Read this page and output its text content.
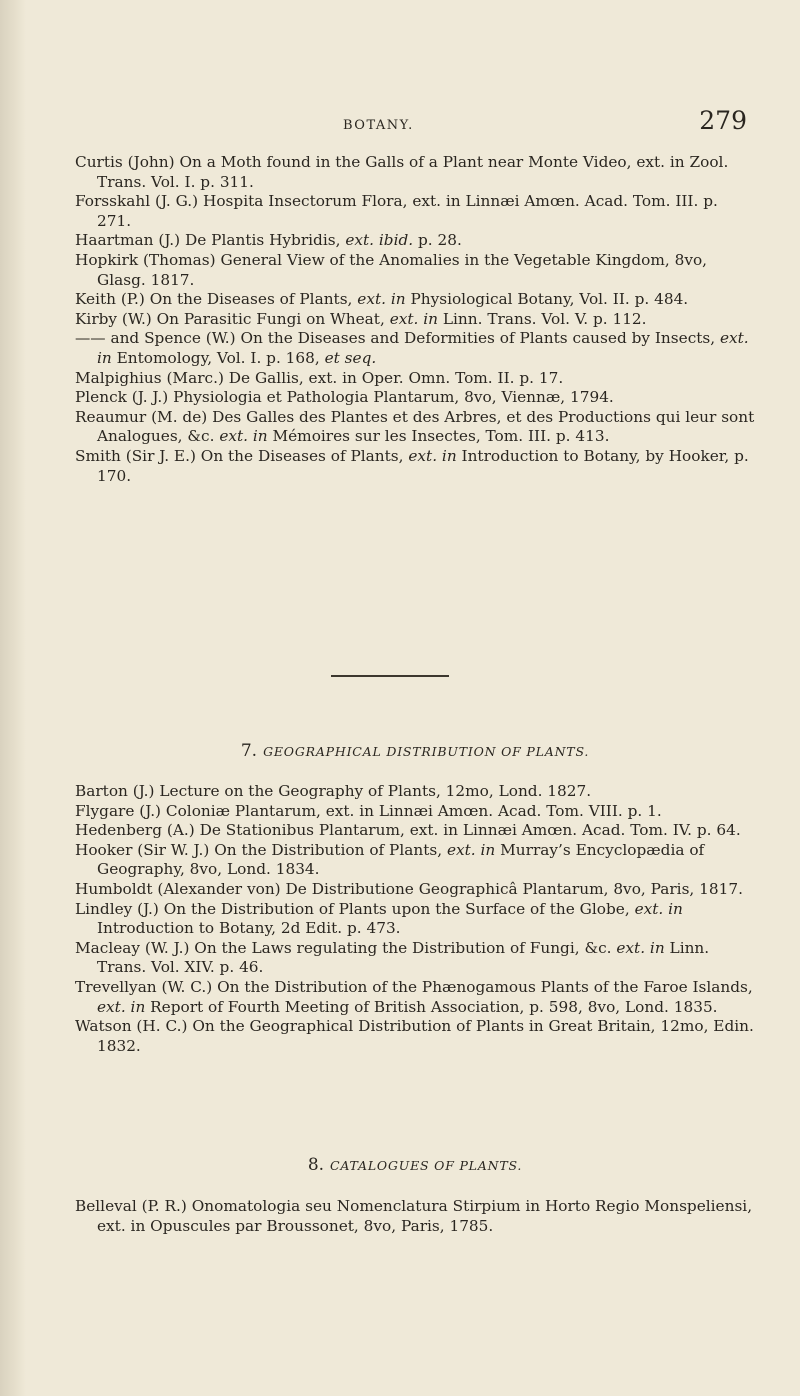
BOTANY.	279

Curtis (John) On a Moth found in the Galls of a Plant near Monte Video, ext. in Zool. Trans. Vol. I. p. 311.

Forsskahl (J. G.) Hospita Insectorum Flora, ext. in Linnæi Amœn. Acad. Tom. III. p. 271.

Haartman (J.) De Plantis Hybridis, ext. ibid. p. 28.

Hopkirk (Thomas) General View of the Anomalies in the Vegetable Kingdom, 8vo, Glasg. 1817.

Keith (P.) On the Diseases of Plants, ext. in Physiological Botany, Vol. II. p. 484.

Kirby (W.) On Parasitic Fungi on Wheat, ext. in Linn. Trans. Vol. V. p. 112.

—— and Spence (W.) On the Diseases and Deformities of Plants caused by Insects, ext. in Entomology, Vol. I. p. 168, et seq.

Malpighius (Marc.) De Gallis, ext. in Oper. Omn. Tom. II. p. 17.

Plenck (J. J.) Physiologia et Pathologia Plantarum, 8vo, Viennæ, 1794.

Reaumur (M. de) Des Galles des Plantes et des Arbres, et des Productions qui leur sont Analogues, &c. ext. in Mémoires sur les Insectes, Tom. III. p. 413.

Smith (Sir J. E.) On the Diseases of Plants, ext. in Introduction to Botany, by Hooker, p. 170.

7. GEOGRAPHICAL DISTRIBUTION OF PLANTS.

Barton (J.) Lecture on the Geography of Plants, 12mo, Lond. 1827.

Flygare (J.) Coloniæ Plantarum, ext. in Linnæi Amœn. Acad. Tom. VIII. p. 1.

Hedenberg (A.) De Stationibus Plantarum, ext. in Linnæi Amœn. Acad. Tom. IV. p. 64.

Hooker (Sir W. J.) On the Distribution of Plants, ext. in Murray’s Encyclopædia of Geography, 8vo, Lond. 1834.

Humboldt (Alexander von) De Distributione Geographicâ Plantarum, 8vo, Paris, 1817.

Lindley (J.) On the Distribution of Plants upon the Surface of the Globe, ext. in Introduction to Botany, 2d Edit. p. 473.

Macleay (W. J.) On the Laws regulating the Distribution of Fungi, &c. ext. in Linn. Trans. Vol. XIV. p. 46.

Trevellyan (W. C.) On the Distribution of the Phænogamous Plants of the Faroe Islands, ext. in Report of Fourth Meeting of British Association, p. 598, 8vo, Lond. 1835.

Watson (H. C.) On the Geographical Distribution of Plants in Great Britain, 12mo, Edin. 1832.

8. CATALOGUES OF PLANTS.

Belleval (P. R.) Onomatologia seu Nomenclatura Stirpium in Horto Regio Monspeliensi, ext. in Opuscules par Broussonet, 8vo, Paris, 1785.
